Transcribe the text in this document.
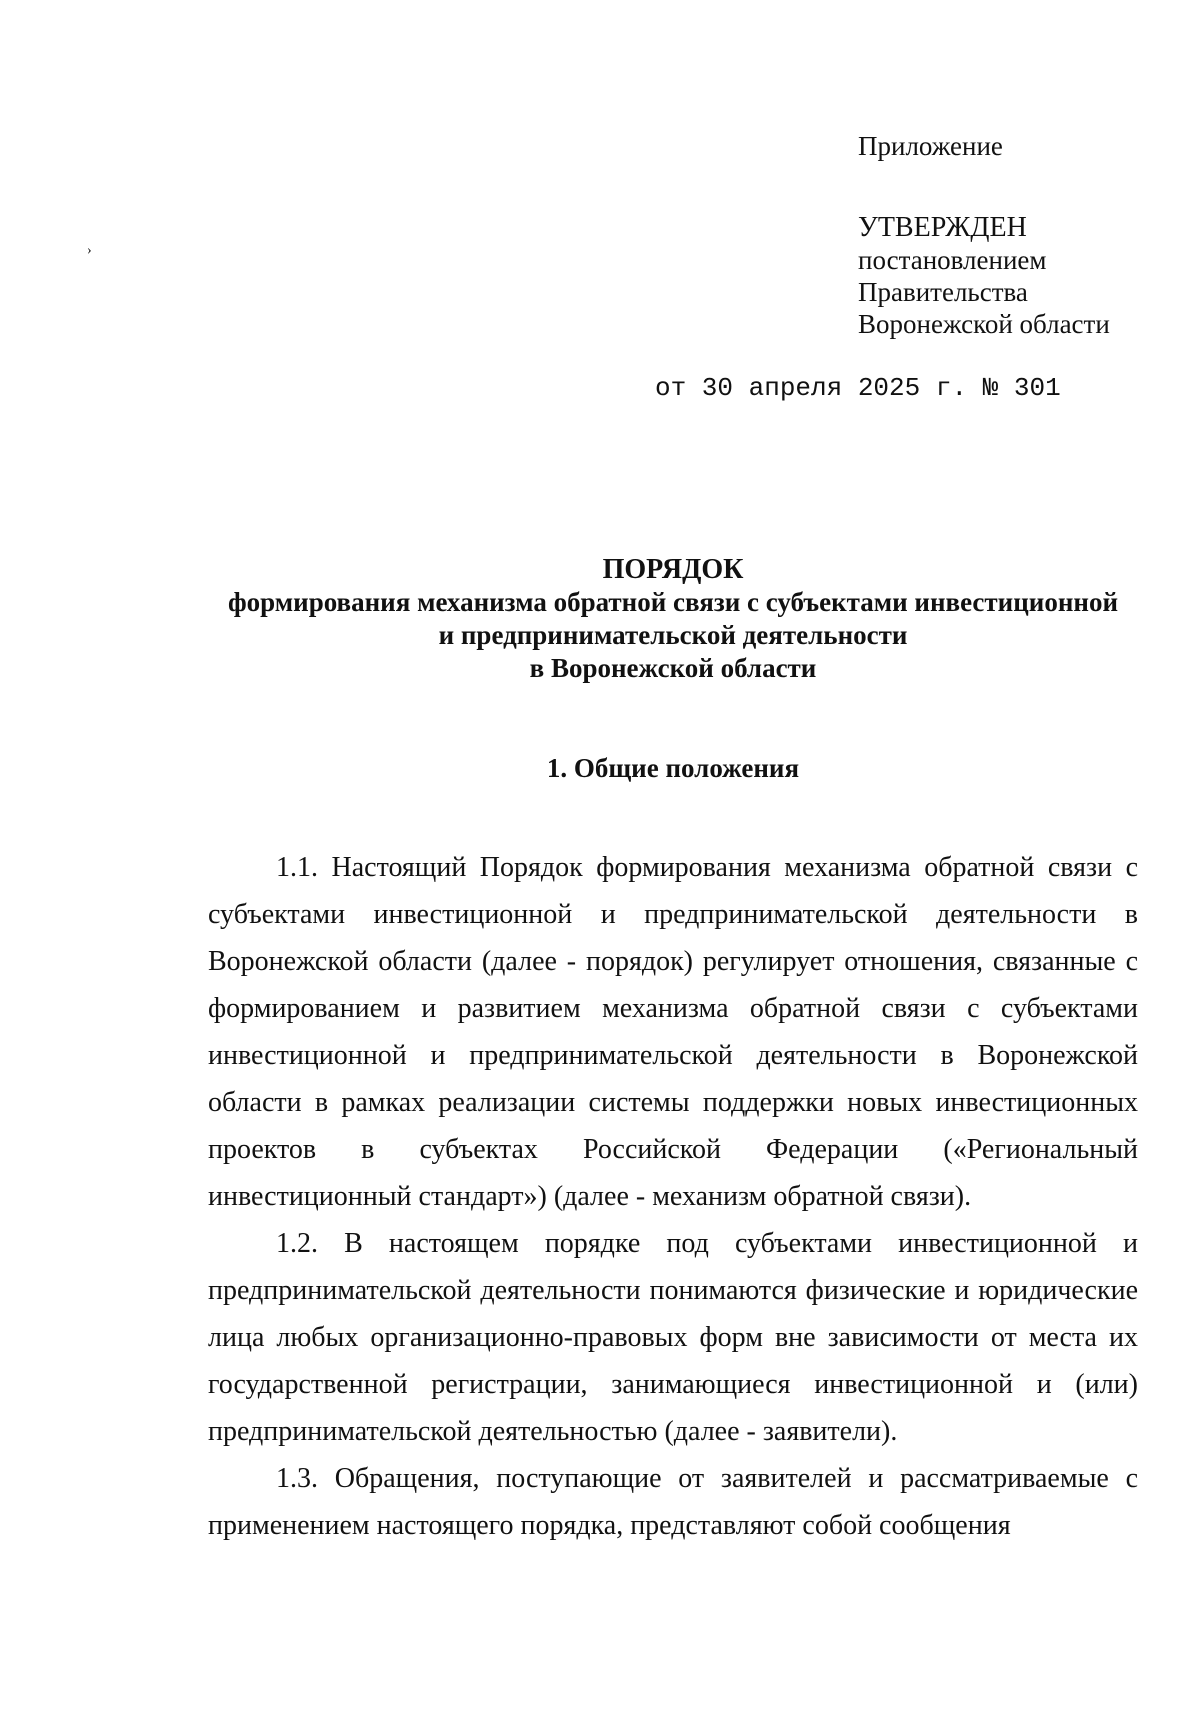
›
Приложение
УТВЕРЖДЕН
постановлением
Правительства
Воронежской области
от 30 апреля 2025 г. № 301
ПОРЯДОК
формирования механизма обратной связи с субъектами инвестиционной
и предпринимательской деятельности
в Воронежской области
1. Общие положения

1.1. Настоящий Порядок формирования механизма обратной связи с субъектами инвестиционной и предпринимательской деятельности в Воронежской области (далее - порядок) регулирует отношения, связанные с формированием и развитием механизма обратной связи с субъектами инвестиционной и предпринимательской деятельности в Воронежской области в рамках реализации системы поддержки новых инвестиционных проектов в субъектах Российской Федерации («Региональный инвестиционный стандарт») (далее - механизм обратной связи).

1.2. В настоящем порядке под субъектами инвестиционной и предпринимательской деятельности понимаются физические и юридические лица любых организационно-правовых форм вне зависимости от места их государственной регистрации, занимающиеся инвестиционной и (или) предпринимательской деятельностью (далее - заявители).

1.3. Обращения, поступающие от заявителей и рассматриваемые с применением настоящего порядка, представляют собой сообщения
